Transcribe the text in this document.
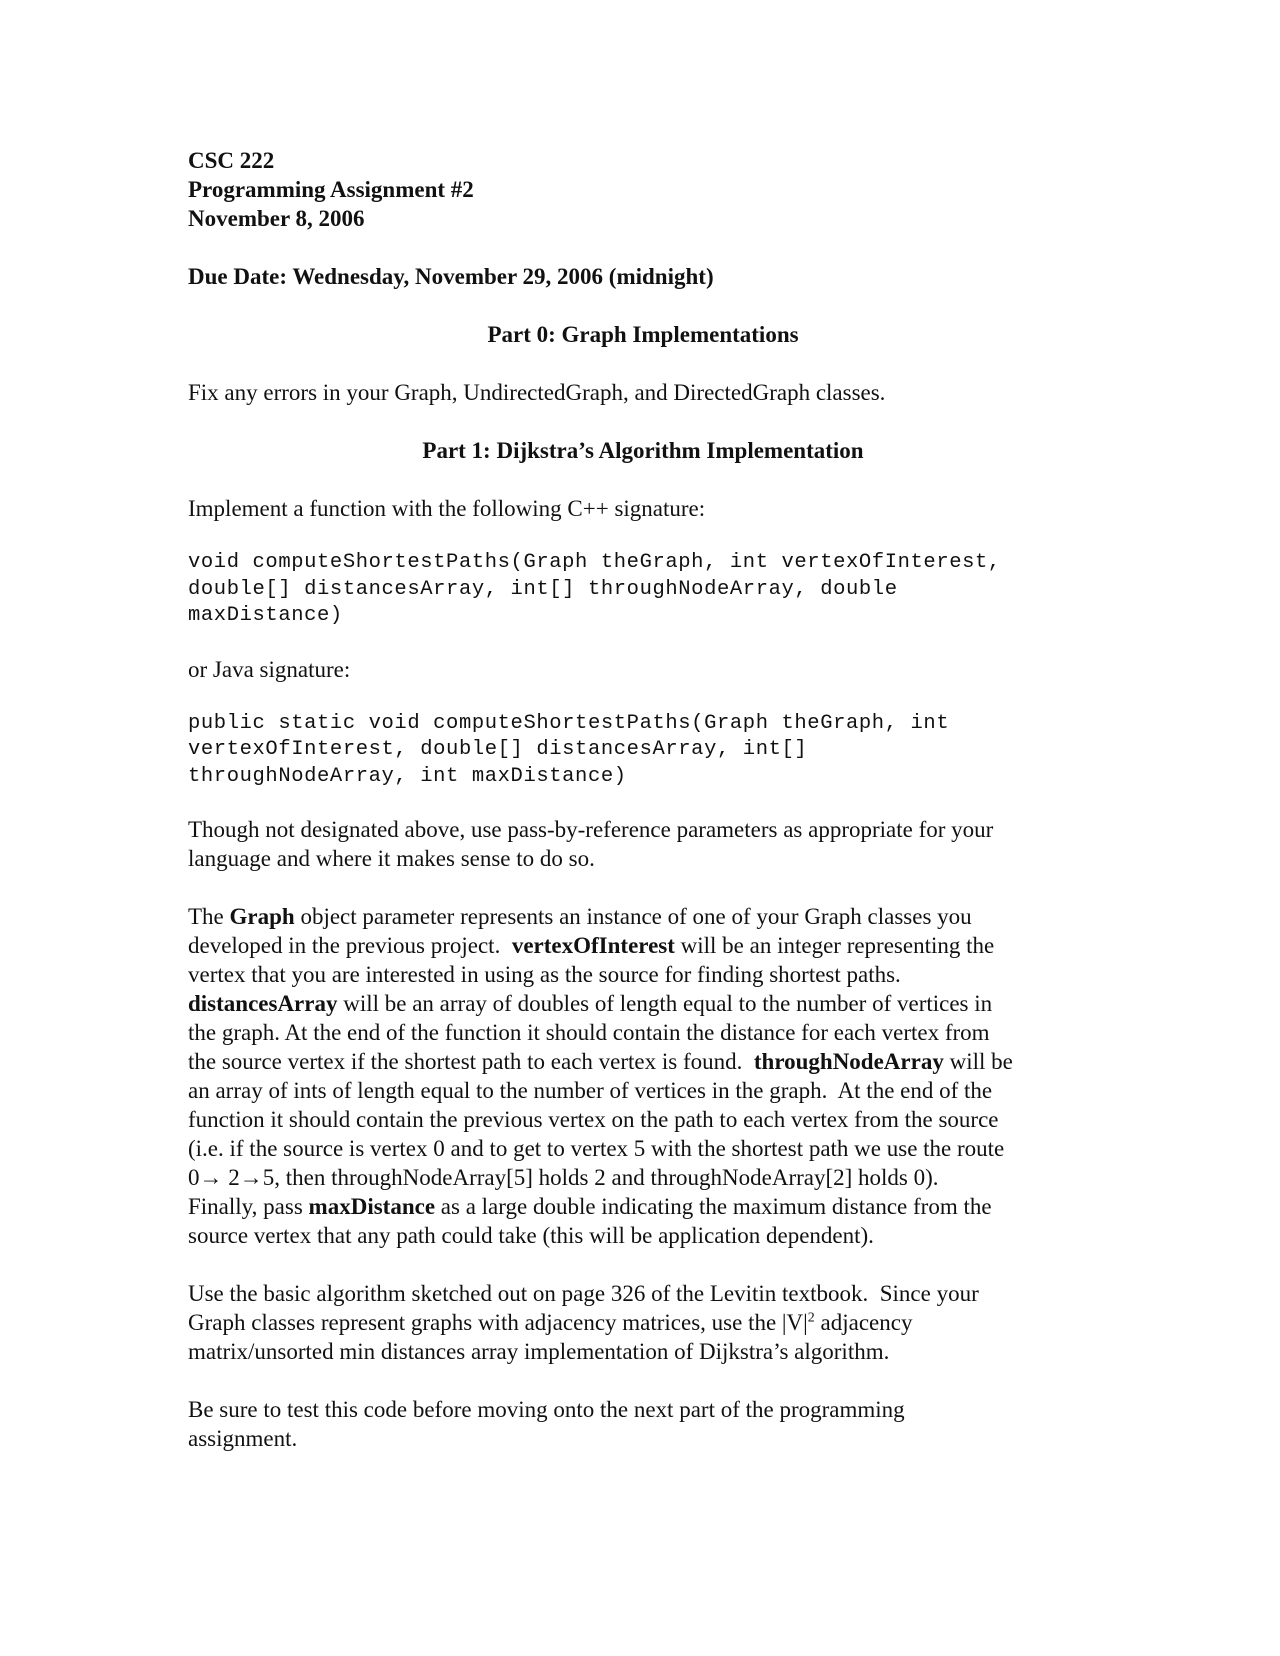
CSC 222
Programming Assignment #2
November 8, 2006
Due Date: Wednesday, November 29, 2006 (midnight)
Part 0: Graph Implementations
Fix any errors in your Graph, UndirectedGraph, and DirectedGraph classes.
Part 1: Dijkstra’s Algorithm Implementation
Implement a function with the following C++ signature:
void computeShortestPaths(Graph theGraph, int vertexOfInterest,
double[] distancesArray, int[] throughNodeArray, double
maxDistance)
or Java signature:
public static void computeShortestPaths(Graph theGraph, int
vertexOfInterest, double[] distancesArray, int[]
throughNodeArray, int maxDistance)
Though not designated above, use pass-by-reference parameters as appropriate for your
language and where it makes sense to do so.
The Graph object parameter represents an instance of one of your Graph classes you
developed in the previous project.  vertexOfInterest will be an integer representing the
vertex that you are interested in using as the source for finding shortest paths.
distancesArray will be an array of doubles of length equal to the number of vertices in
the graph. At the end of the function it should contain the distance for each vertex from
the source vertex if the shortest path to each vertex is found.  throughNodeArray will be
an array of ints of length equal to the number of vertices in the graph.  At the end of the
function it should contain the previous vertex on the path to each vertex from the source
(i.e. if the source is vertex 0 and to get to vertex 5 with the shortest path we use the route
0→ 2→5, then throughNodeArray[5] holds 2 and throughNodeArray[2] holds 0).
Finally, pass maxDistance as a large double indicating the maximum distance from the
source vertex that any path could take (this will be application dependent).
Use the basic algorithm sketched out on page 326 of the Levitin textbook.  Since your
Graph classes represent graphs with adjacency matrices, use the $|V|^2$ adjacency
matrix/unsorted min distances array implementation of Dijkstra’s algorithm.
Be sure to test this code before moving onto the next part of the programming
assignment.
